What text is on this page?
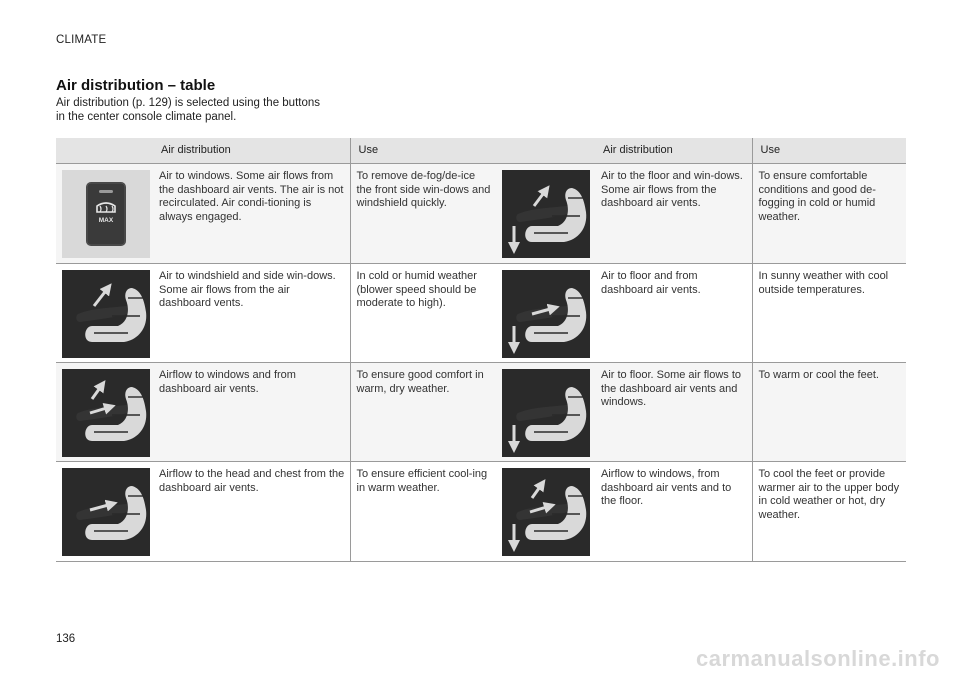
CLIMATE
Air distribution – table
Air distribution (p. 129) is selected using the buttons in the center console climate panel.
	Air distribution	Use		Air distribution	Use

MAX	Air to windows. Some air flows from the dashboard air vents. The air is not recirculated. Air condi-tioning is always engaged.	To remove de-fog/de-ice the front side win-dows and windshield quickly.		Air to the floor and win-dows. Some air flows from the dashboard air vents.	To ensure comfortable conditions and good de-fogging in cold or humid weather.

	Air to windshield and side win-dows. Some air flows from the air dashboard vents.	In cold or humid weather (blower speed should be moderate to high).		Air to floor and from dashboard air vents.	In sunny weather with cool outside temperatures.

	Airflow to windows and from dashboard air vents.	To ensure good comfort in warm, dry weather.		Air to floor. Some air flows to the dashboard air vents and windows.	To warm or cool the feet.

	Airflow to the head and chest from the dashboard air vents.	To ensure efficient cool-ing in warm weather.		Airflow to windows, from dashboard air vents and to the floor.	To cool the feet or provide warmer air to the upper body in cold weather or hot, dry weather.
136
carmanualsonline.info
